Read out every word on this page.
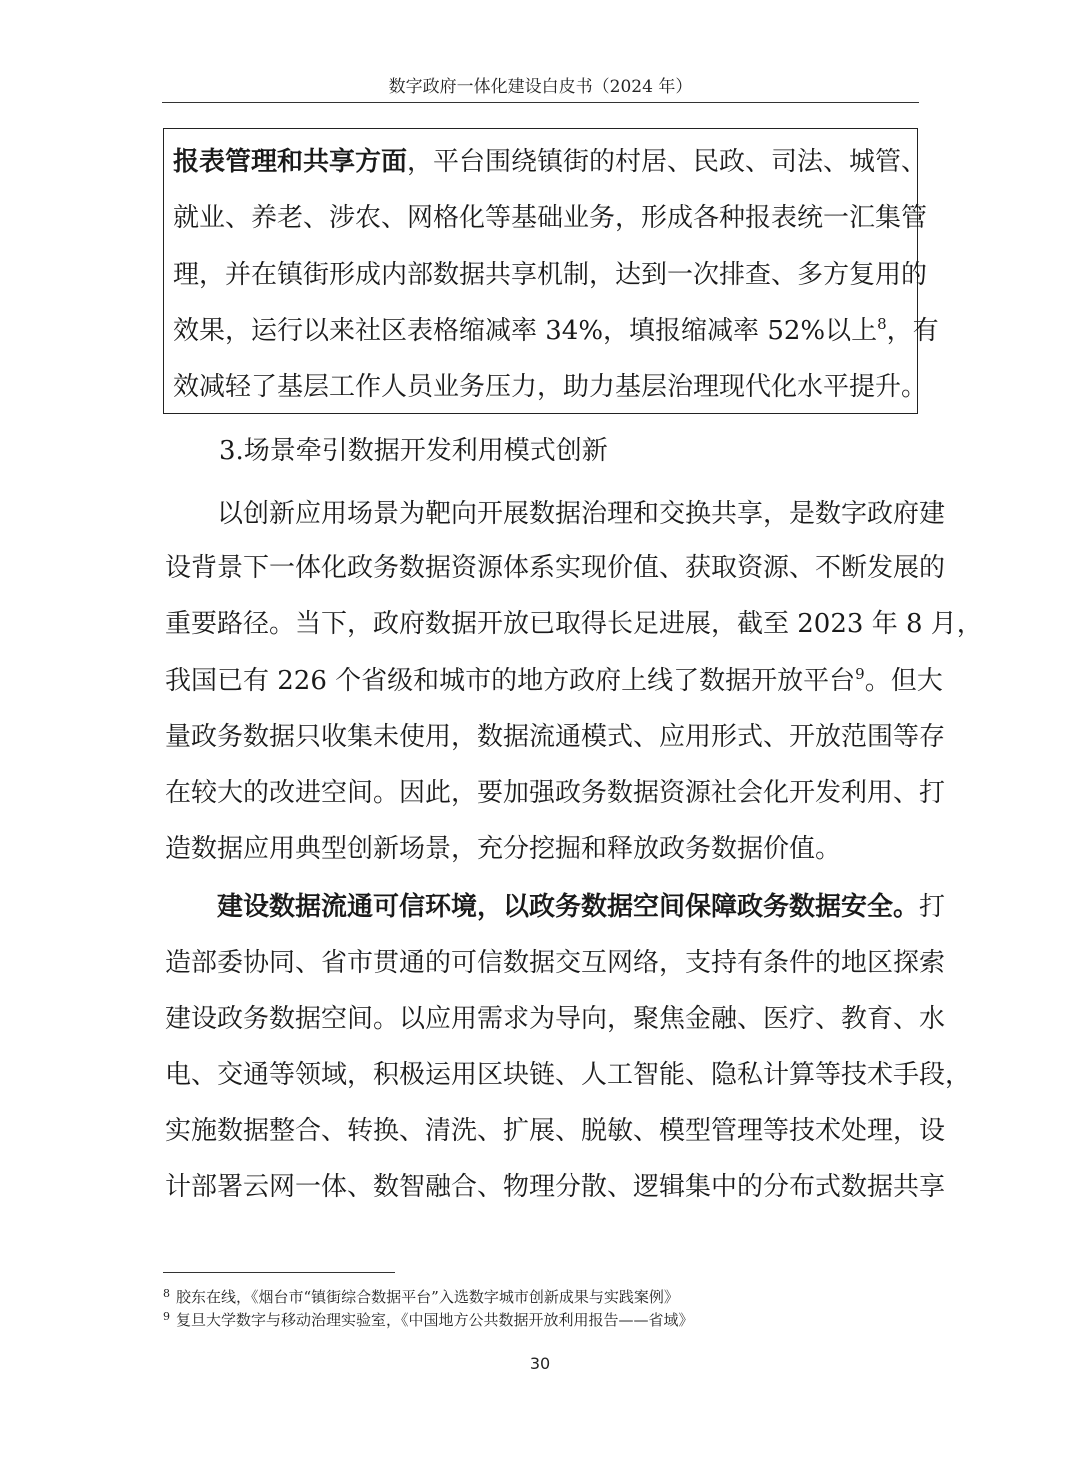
数字政府一体化建设白皮书（2024 年）
报表管理和共享方面，平台围绕镇街的村居、民政、司法、城管、
就业、养老、涉农、网格化等基础业务，形成各种报表统一汇集管
理，并在镇街形成内部数据共享机制，达到一次排查、多方复用的
效果，运行以来社区表格缩减率 34%，填报缩减率 52%以上$^8$，有
效减轻了基层工作人员业务压力，助力基层治理现代化水平提升。
3.场景牵引数据开发利用模式创新
以创新应用场景为靶向开展数据治理和交换共享，是数字政府建
设背景下一体化政务数据资源体系实现价值、获取资源、不断发展的
重要路径。当下，政府数据开放已取得长足进展，截至 2023 年 8 月，
我国已有 226 个省级和城市的地方政府上线了数据开放平台$^9$。但大
量政务数据只收集未使用，数据流通模式、应用形式、开放范围等存
在较大的改进空间。因此，要加强政务数据资源社会化开发利用、打
造数据应用典型创新场景，充分挖掘和释放政务数据价值。
建设数据流通可信环境，以政务数据空间保障政务数据安全。打
造部委协同、省市贯通的可信数据交互网络，支持有条件的地区探索
建设政务数据空间。以应用需求为导向，聚焦金融、医疗、教育、水
电、交通等领域，积极运用区块链、人工智能、隐私计算等技术手段，
实施数据整合、转换、清洗、扩展、脱敏、模型管理等技术处理，设
计部署云网一体、数智融合、物理分散、逻辑集中的分布式数据共享
$^8$ 胶东在线，《烟台市“镇街综合数据平台”入选数字城市创新成果与实践案例》
$^9$ 复旦大学数字与移动治理实验室，《中国地方公共数据开放利用报告——省域》
30
